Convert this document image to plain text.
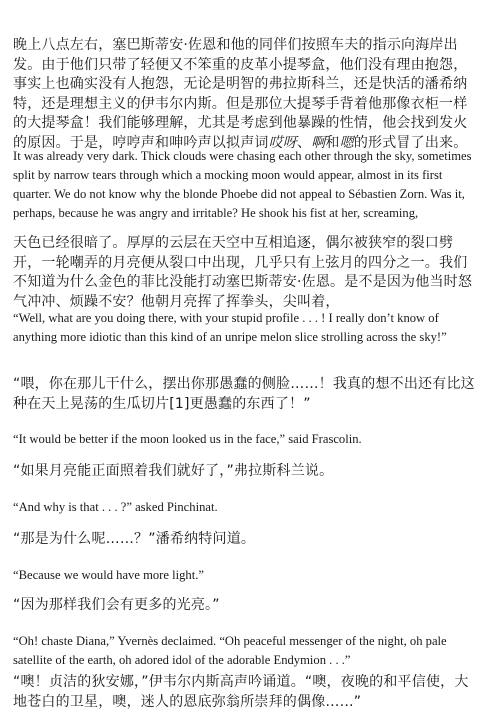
晚上八点左右，塞巴斯蒂安·佐恩和他的同伴们按照车夫的指示向海岸出发。由于他们只带了轻便又不笨重的皮革小提琴盒，他们没有理由抱怨，事实上也确实没有人抱怨，无论是明智的弗拉斯科兰，还是快活的潘希纳特，还是理想主义的伊韦尔内斯。但是那位大提琴手背着他那像衣柜一样的大提琴盒！我们能够理解，尤其是考虑到他暴躁的性情，他会找到发火的原因。于是，哼哼声和呻吟声以拟声词哎呀、啊和嗯的形式冒了出来。

It was already very dark. Thick clouds were chasing each other through the sky, sometimes split by narrow tears through which a mocking moon would appear, almost in its first quarter. We do not know why the blonde Phoebe did not appeal to Sébastien Zorn. Was it, perhaps, because he was angry and irritable? He shook his fist at her, screaming,

天色已经很暗了。厚厚的云层在天空中互相追逐，偶尔被狭窄的裂口劈开，一轮嘲弄的月亮便从裂口中出现，几乎只有上弦月的四分之一。我们不知道为什么金色的菲比没能打动塞巴斯蒂安·佐恩。是不是因为他当时怒气冲冲、烦躁不安？他朝月亮挥了挥拳头，尖叫着，

“Well, what are you doing there, with your stupid profile . . . ! I really don’t know of anything more idiotic than this kind of an unripe melon slice strolling across the sky!”

“喂，你在那儿干什么，摆出你那愚蠢的侧脸……！我真的想不出还有比这种在天上晃荡的生瓜切片[1]更愚蠢的东西了！”

“It would be better if the moon looked us in the face,” said Frascolin.

“如果月亮能正面照着我们就好了，”弗拉斯科兰说。

“And why is that . . . ?” asked Pinchinat.

“那是为什么呢……？”潘希纳特问道。

“Because we would have more light.”

“因为那样我们会有更多的光亮。”

“Oh! chaste Diana,” Yvernès declaimed. “Oh peaceful messenger of the night, oh pale satellite of the earth, oh adored idol of the adorable Endymion . . .”

“噢！贞洁的狄安娜，”伊韦尔内斯高声吟诵道。“噢，夜晚的和平信使，大地苍白的卫星，噢，迷人的恩底弥翁所崇拜的偶像……”
